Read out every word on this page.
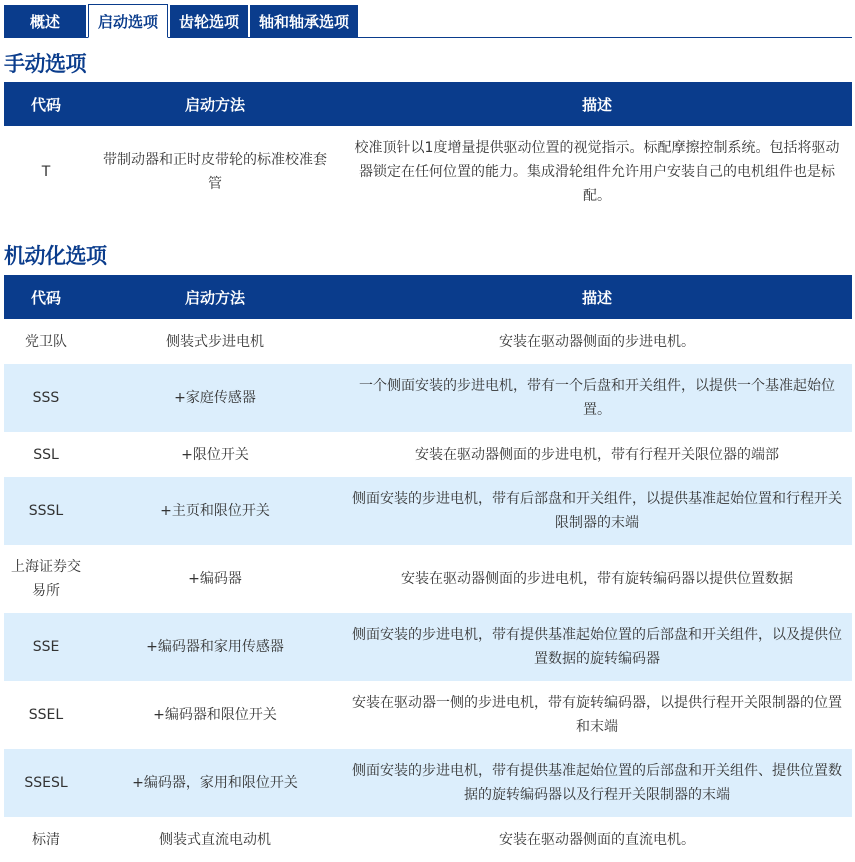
概述	启动选项	齿轮选项	轴和轴承选项
手动选项
代码	启动方法	描述
T	带制动器和正时皮带轮的标准校准套管	校准顶针以1度增量提供驱动位置的视觉指示。标配摩擦控制系统。包括将驱动器锁定在任何位置的能力。集成滑轮组件允许用户安装自己的电机组件也是标配。
机动化选项
代码	启动方法	描述
党卫队	侧装式步进电机	安装在驱动器侧面的步进电机。
SSS	+家庭传感器	一个侧面安装的步进电机，带有一个后盘和开关组件，以提供一个基准起始位置。
SSL	+限位开关	安装在驱动器侧面的步进电机，带有行程开关限位器的端部
SSSL	+主页和限位开关	侧面安装的步进电机，带有后部盘和开关组件，以提供基准起始位置和行程开关限制器的末端
上海证券交易所	+编码器	安装在驱动器侧面的步进电机，带有旋转编码器以提供位置数据
SSE	+编码器和家用传感器	侧面安装的步进电机，带有提供基准起始位置的后部盘和开关组件，以及提供位置数据的旋转编码器
SSEL	+编码器和限位开关	安装在驱动器一侧的步进电机，带有旋转编码器，以提供行程开关限制器的位置和末端
SSESL	+编码器，家用和限位开关	侧面安装的步进电机，带有提供基准起始位置的后部盘和开关组件、提供位置数据的旋转编码器以及行程开关限制器的末端
标清	侧装式直流电动机	安装在驱动器侧面的直流电机。
